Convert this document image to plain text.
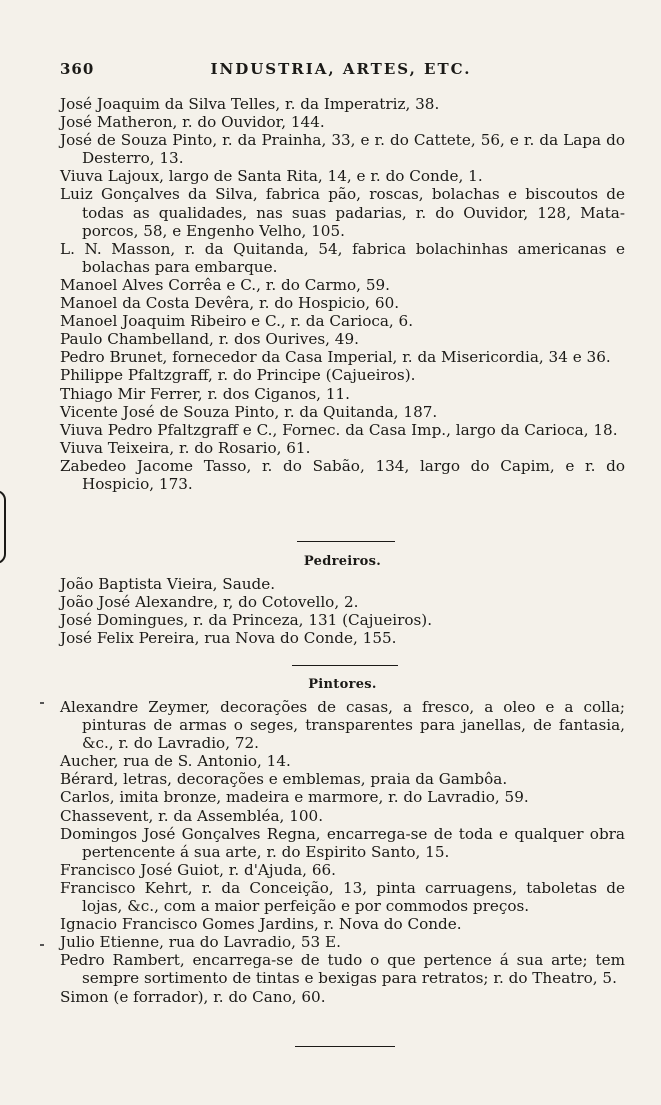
360	INDUSTRIA, ARTES, ETC.

José Joaquim da Silva Telles, r. da Imperatriz, 38.

José Matheron, r. do Ouvidor, 144.

José de Souza Pinto, r. da Prainha, 33, e r. do Cattete, 56, e r. da Lapa do Desterro, 13.

Viuva Lajoux, largo de Santa Rita, 14, e r. do Conde, 1.

Luiz Gonçalves da Silva, fabrica pão, roscas, bolachas e biscoutos de todas as qualidades, nas suas padarias, r. do Ouvidor, 128, Mata-porcos, 58, e Engenho Velho, 105.

L. N. Masson, r. da Quitanda, 54, fabrica bolachinhas americanas e bolachas para embarque.

Manoel Alves Corrêa e C., r. do Carmo, 59.

Manoel da Costa Devêra, r. do Hospicio, 60.

Manoel Joaquim Ribeiro e C., r. da Carioca, 6.

Paulo Chambelland, r. dos Ourives, 49.

Pedro Brunet, fornecedor da Casa Imperial, r. da Misericordia, 34 e 36.

Philippe Pfaltzgraff, r. do Principe (Cajueiros).

Thiago Mir Ferrer, r. dos Ciganos, 11.

Vicente José de Souza Pinto, r. da Quitanda, 187.

Viuva Pedro Pfaltzgraff e C., Fornec. da Casa Imp., largo da Carioca, 18.

Viuva Teixeira, r. do Rosario, 61.

Zabedeo Jacome Tasso, r. do Sabão, 134, largo do Capim, e r. do Hospicio, 173.

Pedreiros.

João Baptista Vieira, Saude.

João José Alexandre, r, do Cotovello, 2.

José Domingues, r. da Princeza, 131 (Cajueiros).

José Felix Pereira, rua Nova do Conde, 155.

Pintores.

Alexandre Zeymer, decorações de casas, a fresco, a oleo e a colla; pinturas de armas o seges, transparentes para janellas, de fantasia, &c., r. do Lavradio, 72.

Aucher, rua de S. Antonio, 14.

Bérard, letras, decorações e emblemas, praia da Gambôa.

Carlos, imita bronze, madeira e marmore, r. do Lavradio, 59.

Chassevent, r. da Assembléa, 100.

Domingos José Gonçalves Regna, encarrega-se de toda e qualquer obra pertencente á sua arte, r. do Espirito Santo, 15.

Francisco José Guiot, r. d'Ajuda, 66.

Francisco Kehrt, r. da Conceição, 13, pinta carruagens, taboletas de lojas, &c., com a maior perfeição e por commodos preços.

Ignacio Francisco Gomes Jardins, r. Nova do Conde.

Julio Etienne, rua do Lavradio, 53 E.

Pedro Rambert, encarrega-se de tudo o que pertence á sua arte; tem sempre sortimento de tintas e bexigas para retratos; r. do Theatro, 5.

Simon (e forrador), r. do Cano, 60.
